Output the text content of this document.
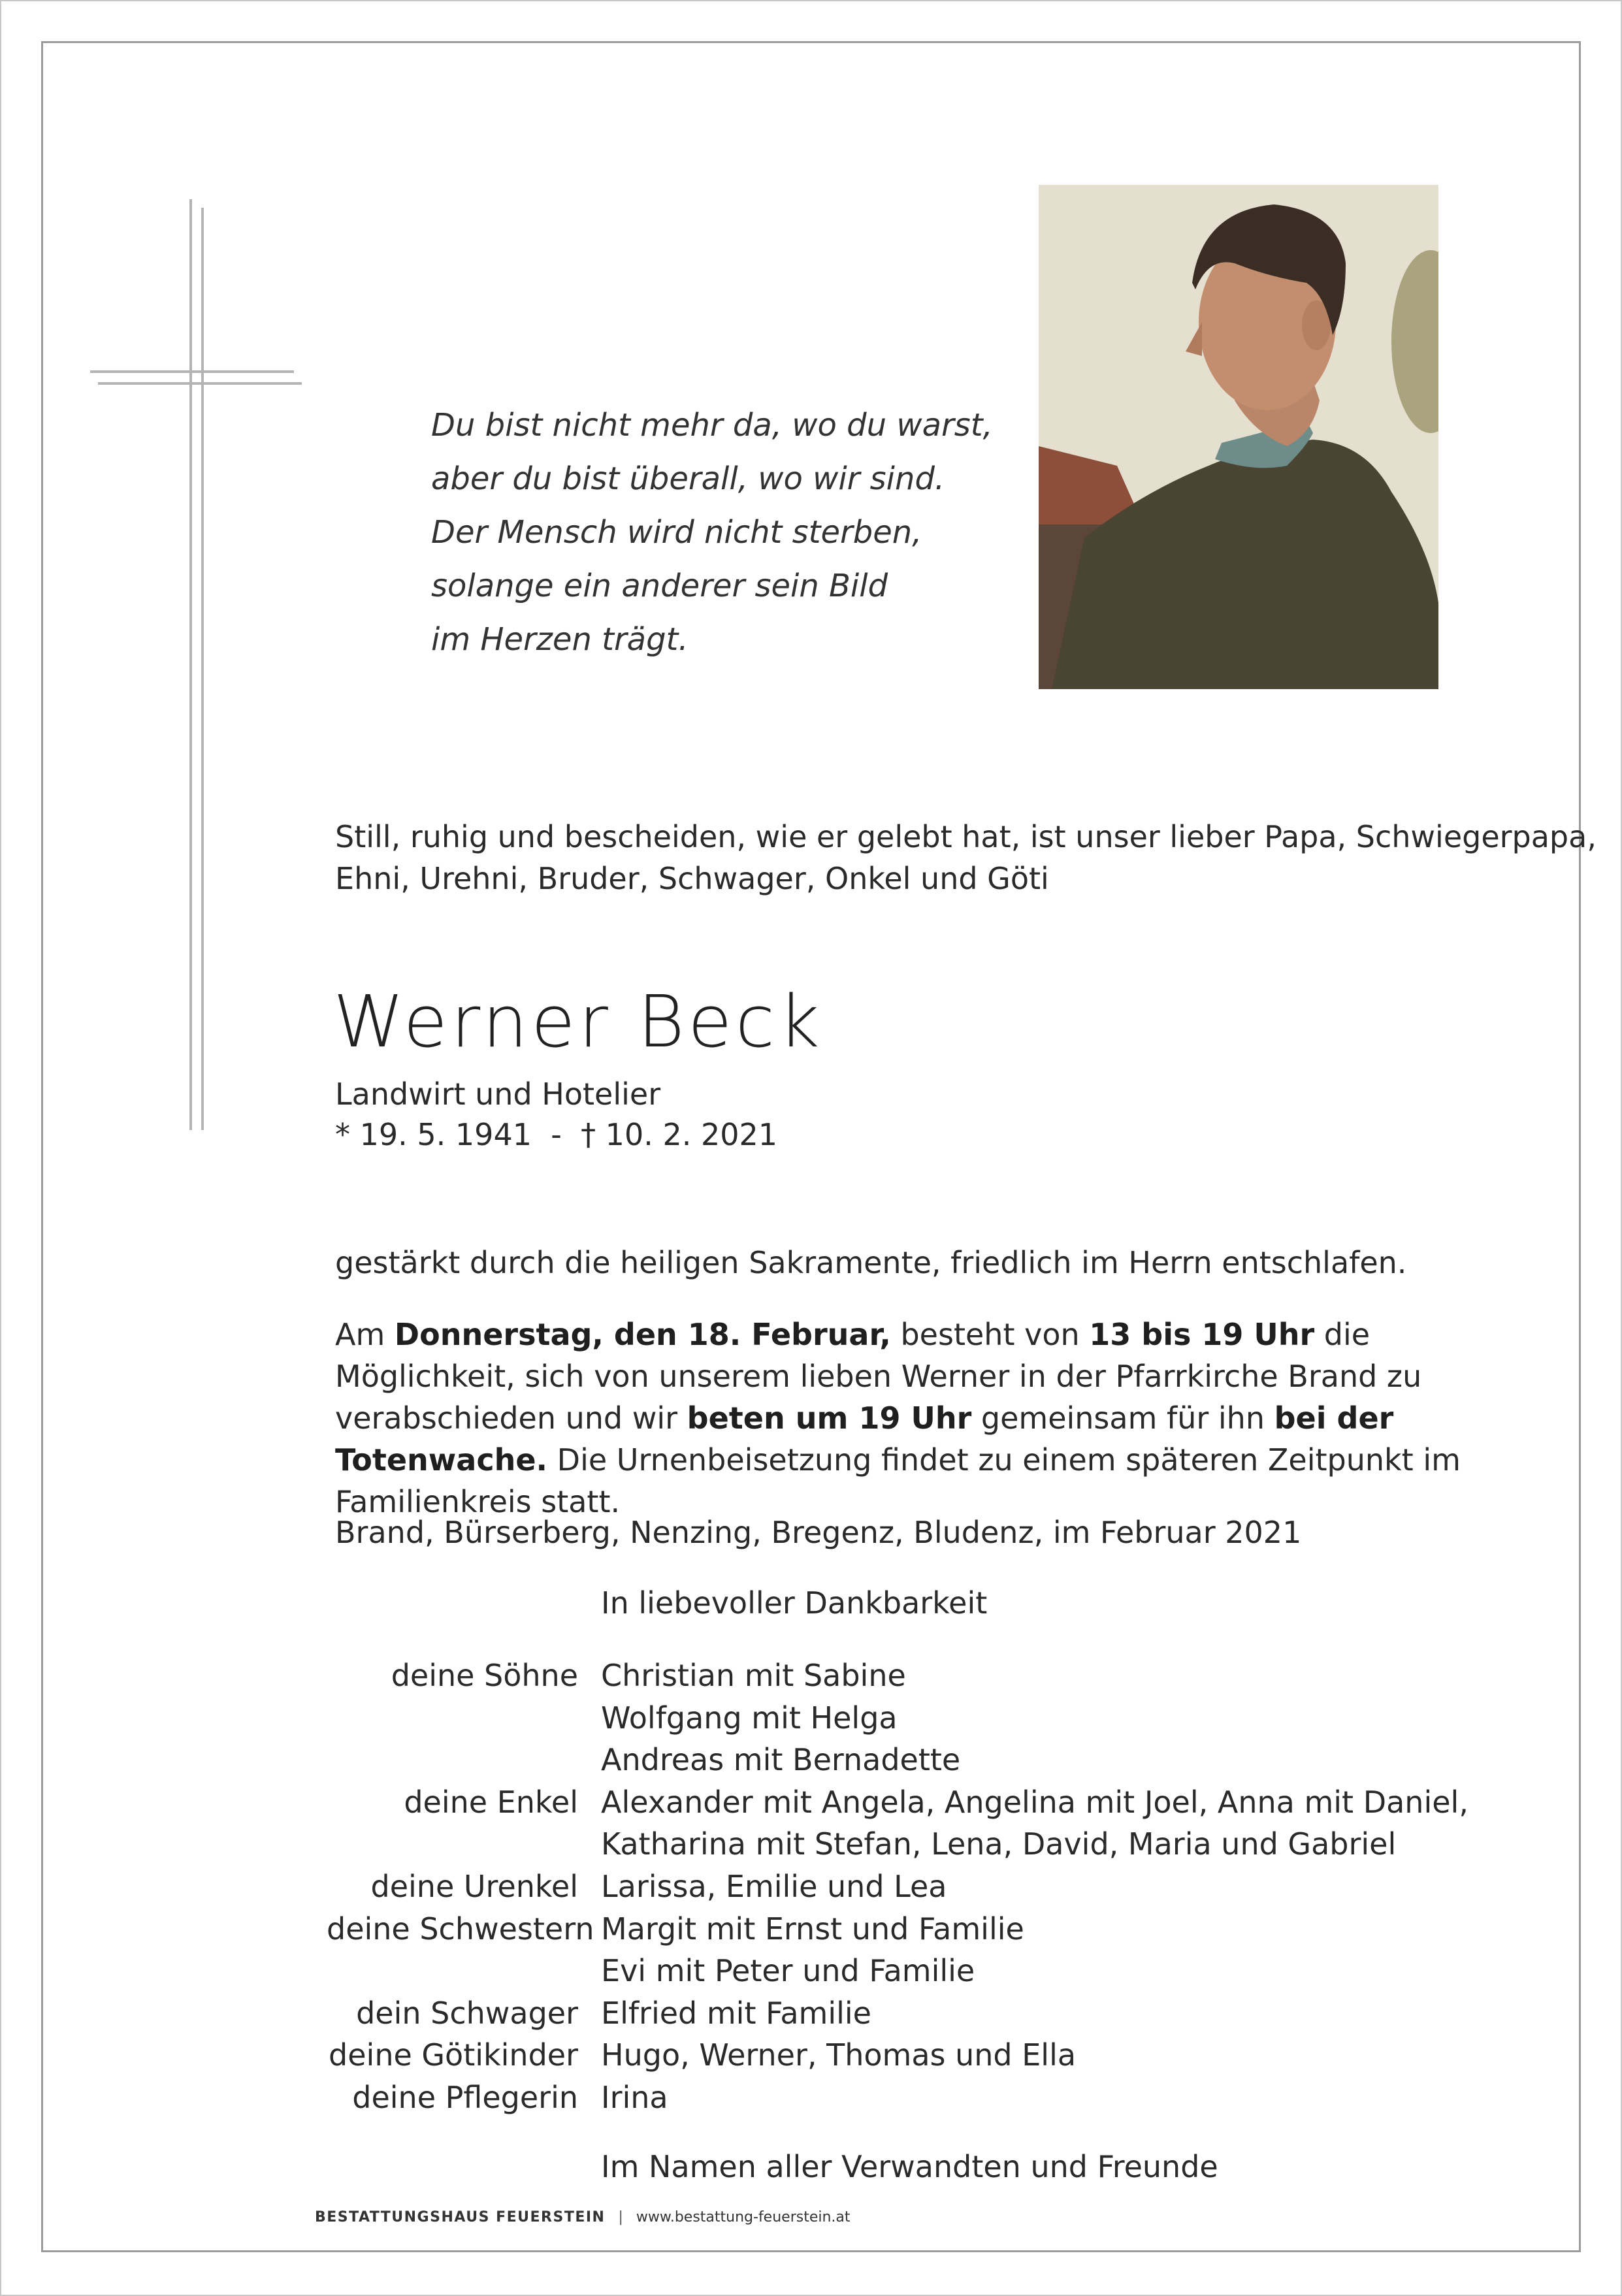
Du bist nicht mehr da, wo du warst,
aber du bist überall, wo wir sind.
Der Mensch wird nicht sterben,
solange ein anderer sein Bild
im Herzen trägt.
Still, ruhig und bescheiden, wie er gelebt hat, ist unser lieber Papa, Schwiegerpapa,
Ehni, Urehni, Bruder, Schwager, Onkel und Göti
Werner Beck
Landwirt und Hotelier
* 19. 5. 1941  -  † 10. 2. 2021
gestärkt durch die heiligen Sakramente, friedlich im Herrn entschlafen.
Am Donnerstag, den 18. Februar, besteht von 13 bis 19 Uhr die Möglichkeit, sich von unserem lieben Werner in der Pfarrkirche Brand zu verabschieden und wir beten um 19 Uhr gemeinsam für ihn bei der Totenwache. Die Urnenbeisetzung findet zu einem späteren Zeitpunkt im Familienkreis statt.
Brand, Bürserberg, Nenzing, Bregenz, Bludenz, im Februar 2021
In liebevoller Dankbarkeit
deine Söhne Christian mit Sabine
Wolfgang mit Helga
Andreas mit Bernadette
deine Enkel Alexander mit Angela, Angelina mit Joel, Anna mit Daniel,
Katharina mit Stefan, Lena, David, Maria und Gabriel
deine Urenkel Larissa, Emilie und Lea
deine Schwestern Margit mit Ernst und Familie
Evi mit Peter und Familie
dein Schwager Elfried mit Familie
deine Götikinder Hugo, Werner, Thomas und Ella
deine Pflegerin Irina
Im Namen aller Verwandten und Freunde
BESTATTUNGSHAUS FEUERSTEIN | www.bestattung-feuerstein.at
